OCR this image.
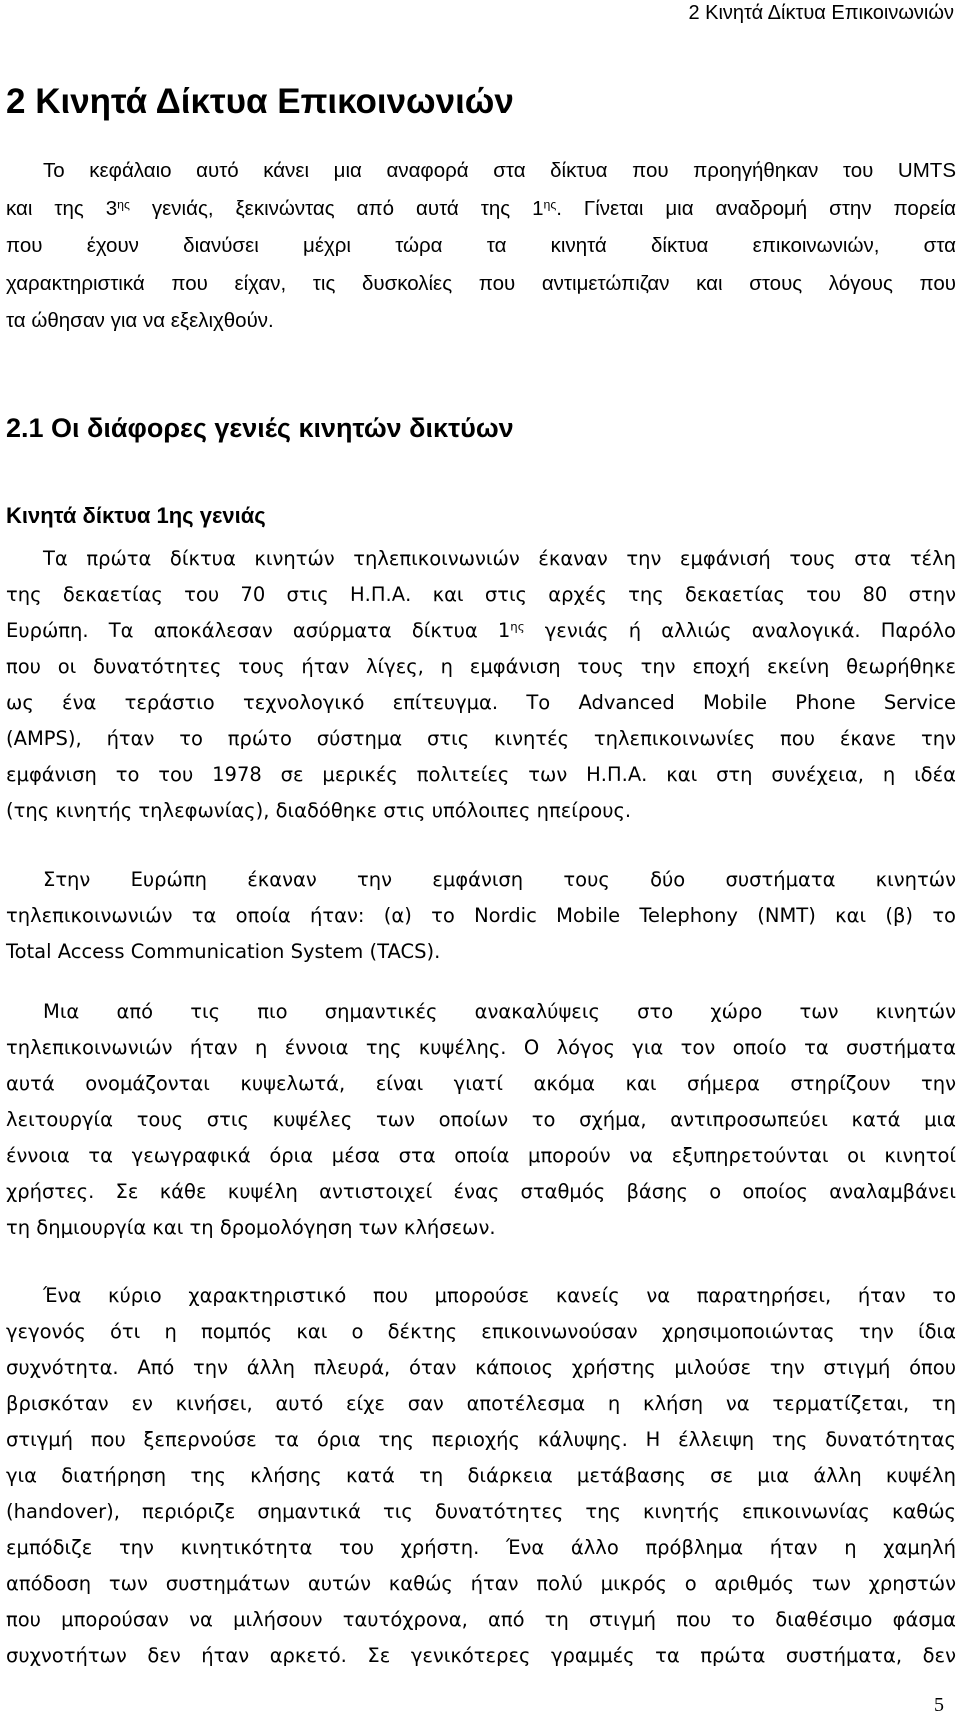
2 Κινητά Δίκτυα Επικοινωνιών
2 Κινητά Δίκτυα Επικοινωνιών
Το κεφάλαιο αυτό κάνει μια αναφορά στα δίκτυα που προηγήθηκαν του UMTS
και της $3^{\eta\varsigma}$ γενιάς, ξεκινώντας από αυτά της $1^{\eta\varsigma}$. Γίνεται μια αναδρομή στην πορεία
που έχουν διανύσει μέχρι τώρα τα κινητά δίκτυα επικοινωνιών, στα
χαρακτηριστικά που είχαν, τις δυσκολίες που αντιμετώπιζαν και στους λόγους που
τα ώθησαν για να εξελιχθούν.
2.1 Οι διάφορες γενιές κινητών δικτύων
Κινητά δίκτυα 1ης γενιάς
Τα πρώτα δίκτυα κινητών τηλεπικοινωνιών έκαναν την εμφάνισή τους στα τέλη
της δεκαετίας του 70 στις Η.Π.Α. και στις αρχές της δεκαετίας του 80 στην
Ευρώπη. Τα αποκάλεσαν ασύρματα δίκτυα $1^{\eta\varsigma}$ γενιάς ή αλλιώς αναλογικά. Παρόλο
που οι δυνατότητες τους ήταν λίγες, η εμφάνιση τους την εποχή εκείνη θεωρήθηκε
ως ένα τεράστιο τεχνολογικό επίτευγμα. Το Advanced Mobile Phone Service
(AMPS), ήταν το πρώτο σύστημα στις κινητές τηλεπικοινωνίες που έκανε την
εμφάνιση το του 1978 σε μερικές πολιτείες των Η.Π.Α. και στη συνέχεια, η ιδέα
(της κινητής τηλεφωνίας), διαδόθηκε στις υπόλοιπες ηπείρους.
Στην Ευρώπη έκαναν την εμφάνιση τους δύο συστήματα κινητών
τηλεπικοινωνιών τα οποία ήταν: (α) το Nordic Mobile Telephony (NMT) και (β) το
Total Access Communication System (TACS).
Μια από τις πιο σημαντικές ανακαλύψεις στο χώρο των κινητών
τηλεπικοινωνιών ήταν η έννοια της κυψέλης. Ο λόγος για τον οποίο τα συστήματα
αυτά ονομάζονται κυψελωτά, είναι γιατί ακόμα και σήμερα στηρίζουν την
λειτουργία τους στις κυψέλες των οποίων το σχήμα, αντιπροσωπεύει κατά μια
έννοια τα γεωγραφικά όρια μέσα στα οποία μπορούν να εξυπηρετούνται οι κινητοί
χρήστες. Σε κάθε κυψέλη αντιστοιχεί ένας σταθμός βάσης ο οποίος αναλαμβάνει
τη δημιουργία και τη δρομολόγηση των κλήσεων.
Ένα κύριο χαρακτηριστικό που μπορούσε κανείς να παρατηρήσει, ήταν το
γεγονός ότι η πομπός και ο δέκτης επικοινωνούσαν χρησιμοποιώντας την ίδια
συχνότητα. Από την άλλη πλευρά, όταν κάποιος χρήστης μιλούσε την στιγμή όπου
βρισκόταν εν κινήσει, αυτό είχε σαν αποτέλεσμα η κλήση να τερματίζεται, τη
στιγμή που ξεπερνούσε τα όρια της περιοχής κάλυψης. Η έλλειψη της δυνατότητας
για διατήρηση της κλήσης κατά τη διάρκεια μετάβασης σε μια άλλη κυψέλη
(handover), περιόριζε σημαντικά τις δυνατότητες της κινητής επικοινωνίας καθώς
εμπόδιζε την κινητικότητα του χρήστη. Ένα άλλο πρόβλημα ήταν η χαμηλή
απόδοση των συστημάτων αυτών καθώς ήταν πολύ μικρός ο αριθμός των χρηστών
που μπορούσαν να μιλήσουν ταυτόχρονα, από τη στιγμή που το διαθέσιμο φάσμα
συχνοτήτων δεν ήταν αρκετό. Σε γενικότερες γραμμές τα πρώτα συστήματα, δεν
5
